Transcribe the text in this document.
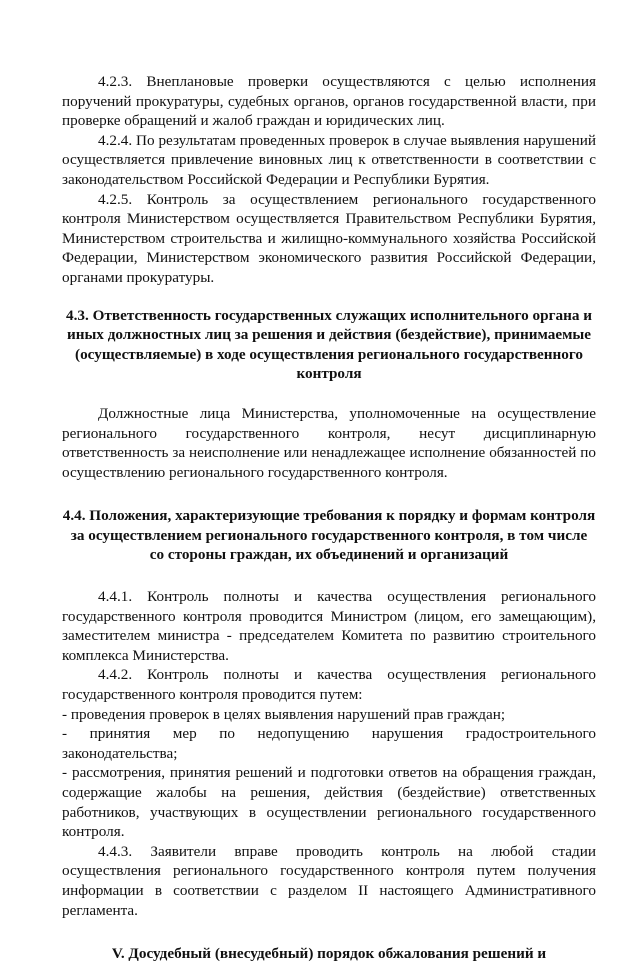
4.2.3. Внеплановые проверки осуществляются с целью исполнения поручений прокуратуры, судебных органов, органов государственной власти, при проверке обращений и жалоб граждан и юридических лиц.

4.2.4. По результатам проведенных проверок в случае выявления нарушений осуществляется привлечение виновных лиц к ответственности в соответствии с законодательством Российской Федерации и Республики Бурятия.

4.2.5. Контроль за осуществлением регионального государственного контроля Министерством осуществляется Правительством Республики Бурятия, Министерством строительства и жилищно-коммунального хозяйства Российской Федерации, Министерством экономического развития Российской Федерации, органами прокуратуры.

4.3. Ответственность государственных служащих исполнительного органа и иных должностных лиц за решения и действия (бездействие), принимаемые (осуществляемые) в ходе осуществления регионального государственного контроля

Должностные лица Министерства, уполномоченные на осуществление регионального государственного контроля, несут дисциплинарную ответственность за неисполнение или ненадлежащее исполнение обязанностей по осуществлению регионального государственного контроля.

4.4. Положения, характеризующие требования к порядку и формам контроля за осуществлением регионального государственного контроля, в том числе со стороны граждан, их объединений и организаций

4.4.1. Контроль полноты и качества осуществления регионального государственного контроля проводится Министром (лицом, его замещающим), заместителем министра - председателем Комитета по развитию строительного комплекса Министерства.

4.4.2. Контроль полноты и качества осуществления регионального государственного контроля проводится путем:

- проведения проверок в целях выявления нарушений прав граждан;

- принятия мер по недопущению нарушения градостроительного законодательства;

- рассмотрения, принятия решений и подготовки ответов на обращения граждан, содержащие жалобы на решения, действия (бездействие) ответственных работников, участвующих в осуществлении регионального государственного контроля.

4.4.3. Заявители вправе проводить контроль на любой стадии осуществления регионального государственного контроля путем получения информации в соответствии с разделом II настоящего Административного регламента.

V. Досудебный (внесудебный) порядок обжалования решений и
